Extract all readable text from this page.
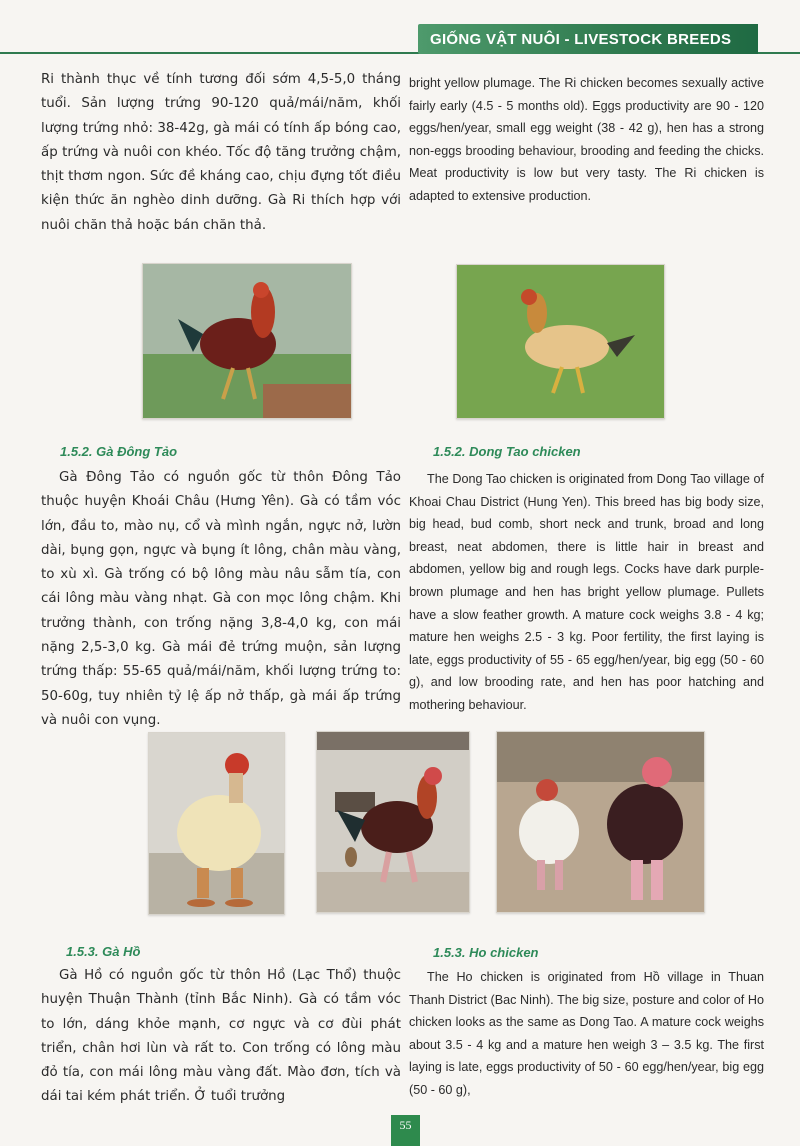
GIỐNG VẬT NUÔI - LIVESTOCK BREEDS

Ri thành thục về tính tương đối sớm 4,5-5,0 tháng tuổi. Sản lượng trứng 90-120 quả/mái/năm, khối lượng trứng nhỏ: 38-42g, gà mái có tính ấp bóng cao, ấp trứng và nuôi con khéo. Tốc độ tăng trưởng chậm, thịt thơm ngon. Sức đề kháng cao, chịu đựng tốt điều kiện thức ăn nghèo dinh dưỡng. Gà Ri thích hợp với nuôi chăn thả hoặc bán chăn thả.

bright yellow plumage. The Ri chicken becomes sexually active fairly early (4.5 - 5 months old). Eggs productivity are 90 - 120 eggs/hen/year, small egg weight (38 - 42 g), hen has a strong non-eggs brooding behaviour, brooding and feeding the chicks. Meat productivity is low but very tasty. The Ri chicken is adapted to extensive production.

1.5.2. Gà Đông Tảo	1.5.2. Dong Tao chicken

Gà Đông Tảo có nguồn gốc từ thôn Đông Tảo thuộc huyện Khoái Châu (Hưng Yên). Gà có tầm vóc lớn, đầu to, mào nụ, cổ và mình ngắn, ngực nở, lườn dài, bụng gọn, ngực và bụng ít lông, chân màu vàng, to xù xì. Gà trống có bộ lông màu nâu sẫm tía, con cái lông màu vàng nhạt. Gà con mọc lông chậm. Khi trưởng thành, con trống nặng 3,8-4,0 kg, con mái nặng 2,5-3,0 kg. Gà mái đẻ trứng muộn, sản lượng trứng thấp: 55-65 quả/mái/năm, khối lượng trứng to: 50-60g, tuy nhiên tỷ lệ ấp nở thấp, gà mái ấp trứng và nuôi con vụng.

The Dong Tao chicken is originated from Dong Tao village of Khoai Chau District (Hung Yen). This breed has big body size, big head, bud comb, short neck and trunk, broad and long breast, neat abdomen, there is little hair in breast and abdomen, yellow big and rough legs. Cocks have dark purple-brown plumage and hen has bright yellow plumage. Pullets have a slow feather growth. A mature cock weighs 3.8 - 4 kg; mature hen weighs 2.5 - 3 kg. Poor fertility, the first laying is late, eggs productivity of 55 - 65 egg/hen/year, big egg (50 - 60 g), and low brooding rate, and hen has poor hatching and mothering behaviour.

1.5.3. Gà Hồ	1.5.3. Ho chicken

Gà Hồ có nguồn gốc từ thôn Hồ (Lạc Thổ) thuộc huyện Thuận Thành (tỉnh Bắc Ninh). Gà có tầm vóc to lớn, dáng khỏe mạnh, cơ ngực và cơ đùi phát triển, chân hơi lùn và rất to. Con trống có lông màu đỏ tía, con mái lông màu vàng đất. Mào đơn, tích và dái tai kém phát triển. Ở tuổi trưởng

The Ho chicken is originated from Hồ village in Thuan Thanh District (Bac Ninh). The big size, posture and color of Ho chicken looks as the same as Dong Tao. A mature cock weighs about 3.5 - 4 kg and a mature hen weigh 3 – 3.5 kg. The first laying is late, eggs productivity of 50 - 60 egg/hen/year, big egg (50 - 60 g),

55
